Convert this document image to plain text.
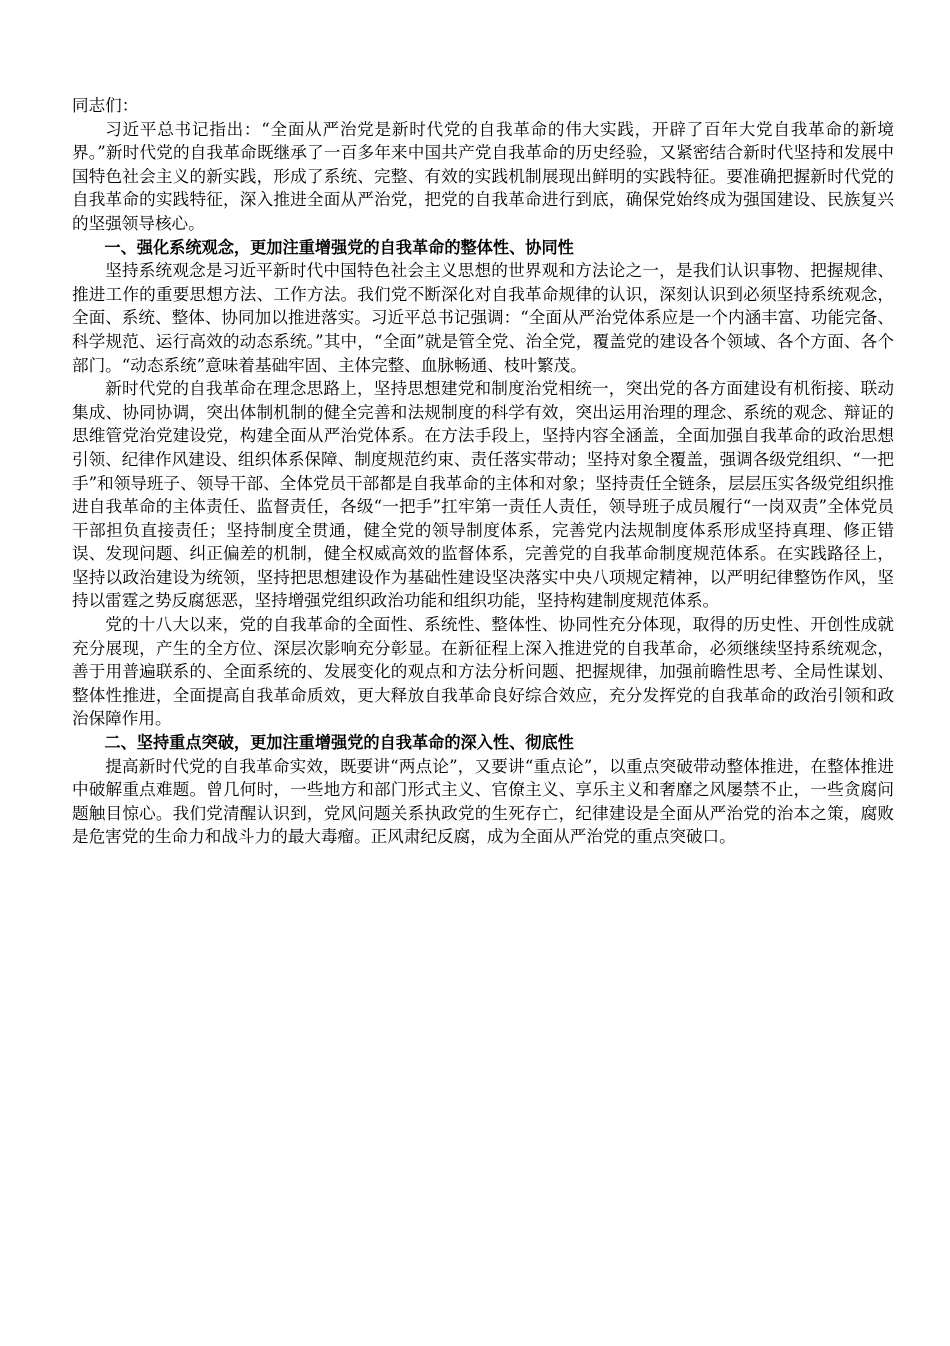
同志们：

习近平总书记指出：“全面从严治党是新时代党的自我革命的伟大实践，开辟了百年大党自我革命的新境界。”新时代党的自我革命既继承了一百多年来中国共产党自我革命的历史经验，又紧密结合新时代坚持和发展中国特色社会主义的新实践，形成了系统、完整、有效的实践机制展现出鲜明的实践特征。要准确把握新时代党的自我革命的实践特征，深入推进全面从严治党，把党的自我革命进行到底，确保党始终成为强国建设、民族复兴的坚强领导核心。

一、强化系统观念，更加注重增强党的自我革命的整体性、协同性

坚持系统观念是习近平新时代中国特色社会主义思想的世界观和方法论之一，是我们认识事物、把握规律、推进工作的重要思想方法、工作方法。我们党不断深化对自我革命规律的认识，深刻认识到必须坚持系统观念，全面、系统、整体、协同加以推进落实。习近平总书记强调：“全面从严治党体系应是一个内涵丰富、功能完备、科学规范、运行高效的动态系统。”其中，“全面”就是管全党、治全党，覆盖党的建设各个领域、各个方面、各个部门。“动态系统”意味着基础牢固、主体完整、血脉畅通、枝叶繁茂。

新时代党的自我革命在理念思路上，坚持思想建党和制度治党相统一，突出党的各方面建设有机衔接、联动集成、协同协调，突出体制机制的健全完善和法规制度的科学有效，突出运用治理的理念、系统的观念、辩证的思维管党治党建设党，构建全面从严治党体系。在方法手段上，坚持内容全涵盖，全面加强自我革命的政治思想引领、纪律作风建设、组织体系保障、制度规范约束、责任落实带动；坚持对象全覆盖，强调各级党组织、“一把手”和领导班子、领导干部、全体党员干部都是自我革命的主体和对象；坚持责任全链条，层层压实各级党组织推进自我革命的主体责任、监督责任，各级“一把手”扛牢第一责任人责任，领导班子成员履行“一岗双责”全体党员干部担负直接责任；坚持制度全贯通，健全党的领导制度体系，完善党内法规制度体系形成坚持真理、修正错误、发现问题、纠正偏差的机制，健全权威高效的监督体系，完善党的自我革命制度规范体系。在实践路径上，坚持以政治建设为统领，坚持把思想建设作为基础性建设坚决落实中央八项规定精神，以严明纪律整饬作风，坚持以雷霆之势反腐惩恶，坚持增强党组织政治功能和组织功能，坚持构建制度规范体系。

党的十八大以来，党的自我革命的全面性、系统性、整体性、协同性充分体现，取得的历史性、开创性成就充分展现，产生的全方位、深层次影响充分彰显。在新征程上深入推进党的自我革命，必须继续坚持系统观念，善于用普遍联系的、全面系统的、发展变化的观点和方法分析问题、把握规律，加强前瞻性思考、全局性谋划、整体性推进，全面提高自我革命质效，更大释放自我革命良好综合效应，充分发挥党的自我革命的政治引领和政治保障作用。

二、坚持重点突破，更加注重增强党的自我革命的深入性、彻底性

提高新时代党的自我革命实效，既要讲“两点论”，又要讲“重点论”，以重点突破带动整体推进，在整体推进中破解重点难题。曾几何时，一些地方和部门形式主义、官僚主义、享乐主义和奢靡之风屡禁不止，一些贪腐问题触目惊心。我们党清醒认识到，党风问题关系执政党的生死存亡，纪律建设是全面从严治党的治本之策，腐败是危害党的生命力和战斗力的最大毒瘤。正风肃纪反腐，成为全面从严治党的重点突破口。
